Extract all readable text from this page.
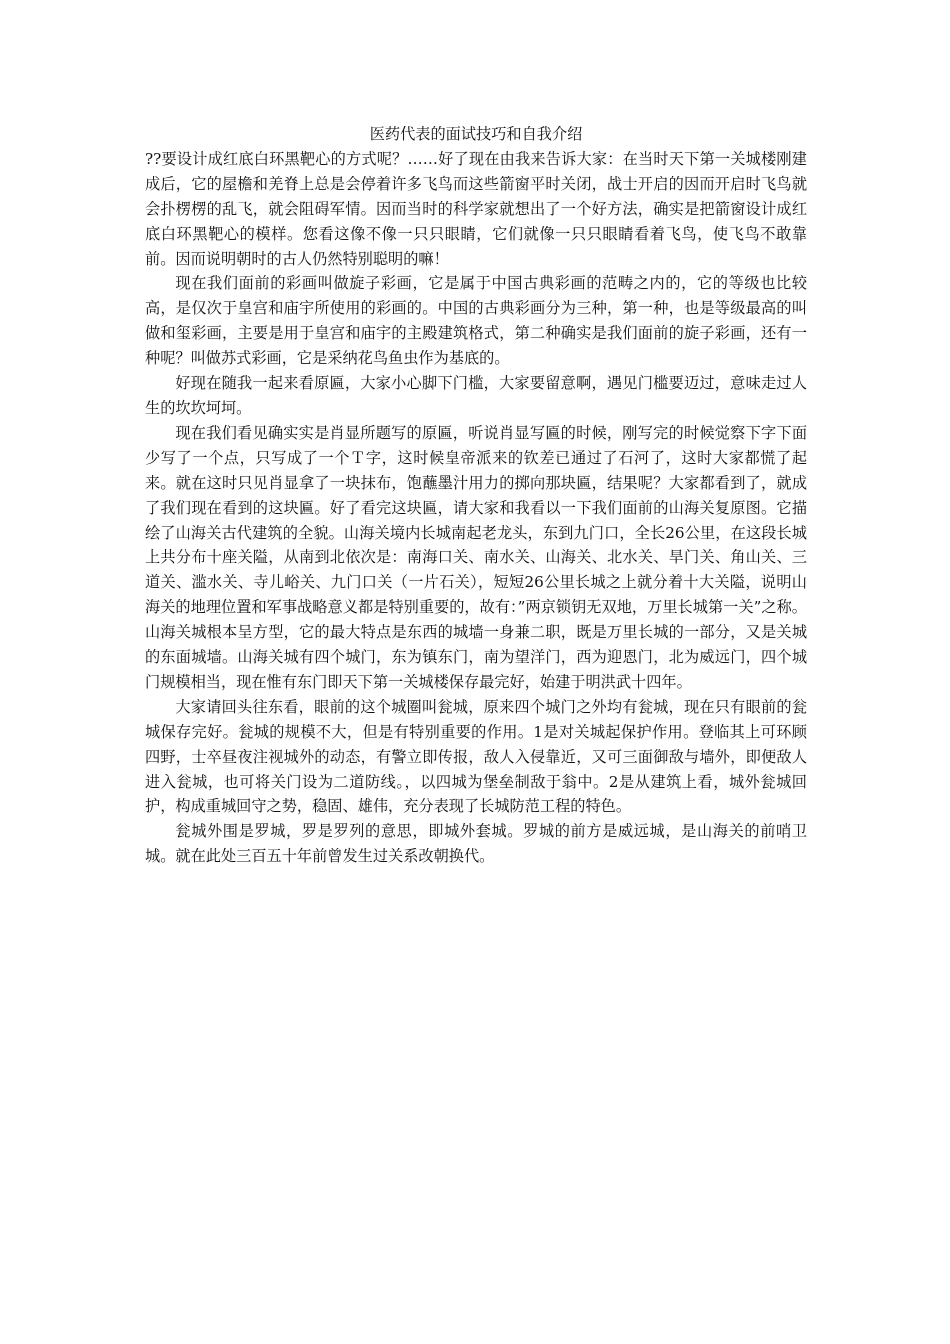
医药代表的面试技巧和自我介绍

??要设计成红底白环黑靶心的方式呢？……好了现在由我来告诉大家：在当时天下第一关城楼刚建成后，它的屋檐和羌脊上总是会停着许多飞鸟而这些箭窗平时关闭，战士开启的因而开启时飞鸟就会扑楞楞的乱飞，就会阻碍军情。因而当时的科学家就想出了一个好方法，确实是把箭窗设计成红底白环黑靶心的模样。您看这像不像一只只眼睛，它们就像一只只眼睛看着飞鸟，使飞鸟不敢靠前。因而说明朝时的古人仍然特别聪明的嘛！

现在我们面前的彩画叫做旋子彩画，它是属于中国古典彩画的范畴之内的，它的等级也比较高，是仅次于皇宫和庙宇所使用的彩画的。中国的古典彩画分为三种，第一种，也是等级最高的叫做和玺彩画，主要是用于皇宫和庙宇的主殿建筑格式，第二种确实是我们面前的旋子彩画，还有一种呢？叫做苏式彩画，它是采纳花鸟鱼虫作为基底的。

好现在随我一起来看原匾，大家小心脚下门槛，大家要留意啊，遇见门槛要迈过，意味走过人生的坎坎坷坷。

现在我们看见确实实是肖显所题写的原匾，听说肖显写匾的时候，刚写完的时候觉察下字下面少写了一个点，只写成了一个Ｔ字，这时候皇帝派来的钦差已通过了石河了，这时大家都慌了起来。就在这时只见肖显拿了一块抹布，饱蘸墨汁用力的掷向那块匾，结果呢？大家都看到了，就成了我们现在看到的这块匾。好了看完这块匾，请大家和我看以一下我们面前的山海关复原图。它描绘了山海关古代建筑的全貌。山海关境内长城南起老龙头，东到九门口，全长26公里，在这段长城上共分布十座关隘，从南到北依次是：南海口关、南水关、山海关、北水关、旱门关、角山关、三道关、滥水关、寺儿峪关、九门口关（一片石关），短短26公里长城之上就分着十大关隘，说明山海关的地理位置和军事战略意义都是特别重要的，故有：”两京锁钥无双地，万里长城第一关”之称。山海关城根本呈方型，它的最大特点是东西的城墙一身兼二职，既是万里长城的一部分，又是关城的东面城墙。山海关城有四个城门，东为镇东门，南为望洋门，西为迎恩门，北为威远门，四个城门规模相当，现在惟有东门即天下第一关城楼保存最完好，始建于明洪武十四年。

大家请回头往东看，眼前的这个城圈叫瓮城，原来四个城门之外均有瓮城，现在只有眼前的瓮城保存完好。瓮城的规模不大，但是有特别重要的作用。1是对关城起保护作用。登临其上可环顾四野，士卒昼夜注视城外的动态，有警立即传报，敌人入侵靠近，又可三面御敌与墙外，即便敌人进入瓮城，也可将关门设为二道防线。，以四城为堡垒制敌于翁中。2是从建筑上看，城外瓮城回护，构成重城回守之势，稳固、雄伟，充分表现了长城防范工程的特色。

瓮城外围是罗城，罗是罗列的意思，即城外套城。罗城的前方是威远城，是山海关的前哨卫城。就在此处三百五十年前曾发生过关系改朝换代。
